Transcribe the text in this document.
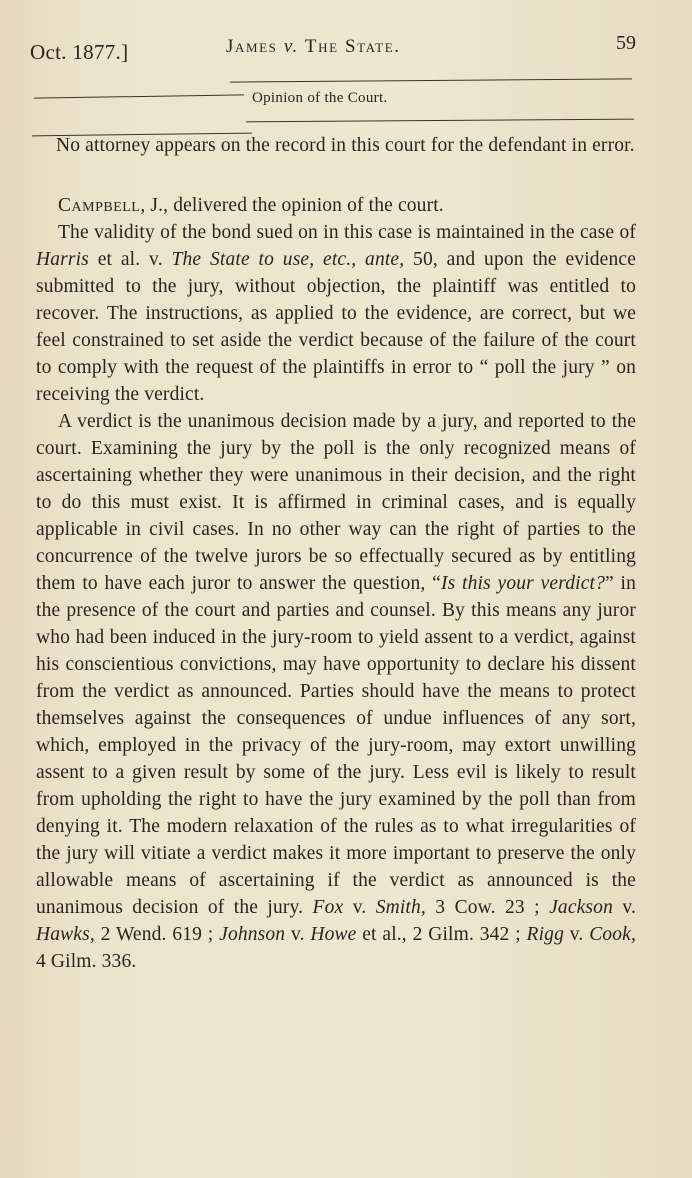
Oct. 1877.]	James v. The State.	59
Opinion of the Court.

No attorney appears on the record in this court for the defendant in error.

Campbell, J., delivered the opinion of the court.

The validity of the bond sued on in this case is maintained in the case of Harris et al. v. The State to use, etc., ante, 50, and upon the evidence submitted to the jury, without objection, the plaintiff was entitled to recover. The instructions, as applied to the evidence, are correct, but we feel constrained to set aside the verdict because of the failure of the court to comply with the request of the plaintiffs in error to “ poll the jury ” on receiving the verdict.

A verdict is the unanimous decision made by a jury, and reported to the court. Examining the jury by the poll is the only recognized means of ascertaining whether they were unanimous in their decision, and the right to do this must exist. It is affirmed in criminal cases, and is equally applicable in civil cases. In no other way can the right of parties to the concurrence of the twelve jurors be so effectually secured as by entitling them to have each juror to answer the question, “Is this your verdict?” in the presence of the court and parties and counsel. By this means any juror who had been induced in the jury-room to yield assent to a verdict, against his conscientious convictions, may have opportunity to declare his dissent from the verdict as announced. Parties should have the means to protect themselves against the consequences of undue influences of any sort, which, employed in the privacy of the jury-room, may extort unwilling assent to a given result by some of the jury. Less evil is likely to result from upholding the right to have the jury examined by the poll than from denying it. The modern relaxation of the rules as to what irregularities of the jury will vitiate a verdict makes it more important to preserve the only allowable means of ascertaining if the verdict as announced is the unanimous decision of the jury. Fox v. Smith, 3 Cow. 23 ; Jackson v. Hawks, 2 Wend. 619 ; Johnson v. Howe et al., 2 Gilm. 342 ; Rigg v. Cook, 4 Gilm. 336.
